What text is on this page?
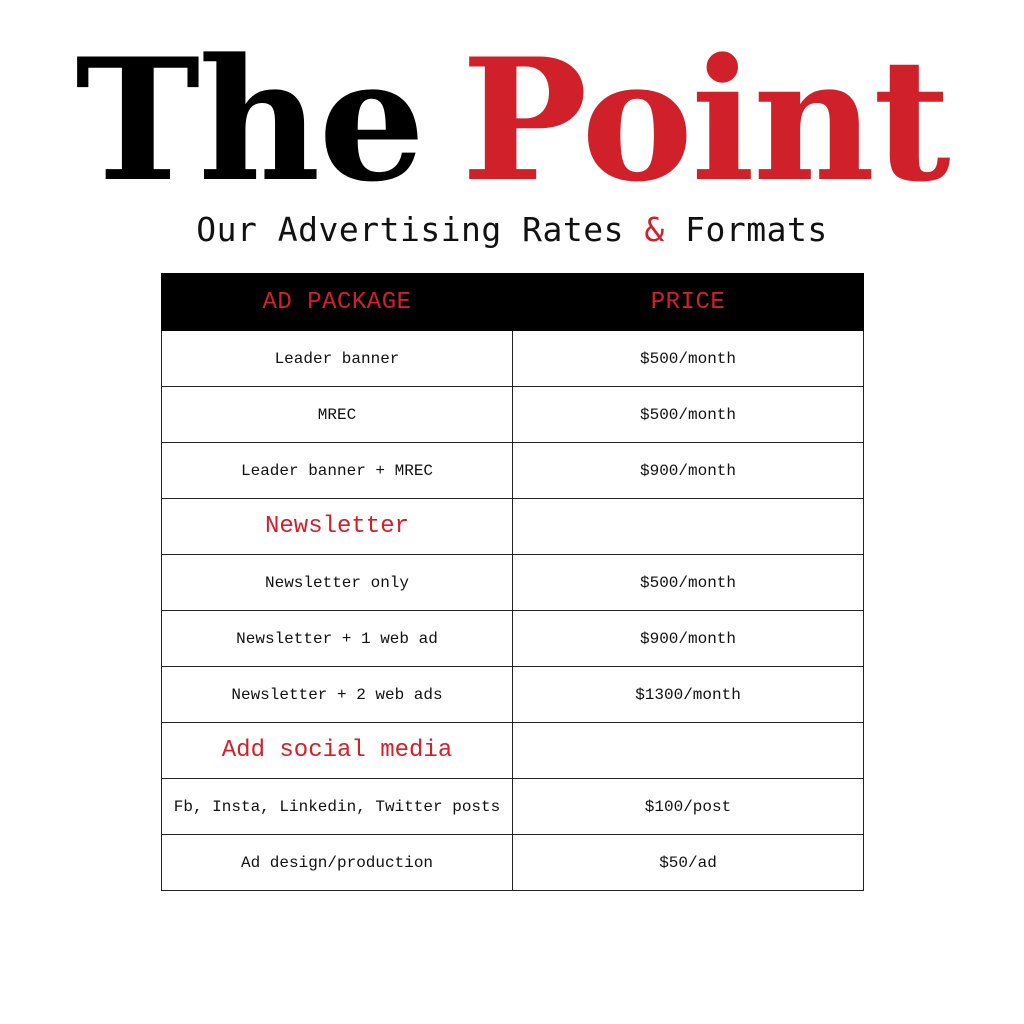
The Point
Our Advertising Rates & Formats
AD PACKAGE	PRICE
Leader banner	$500/month
MREC	$500/month
Leader banner + MREC	$900/month
Newsletter	
Newsletter only	$500/month
Newsletter + 1 web ad	$900/month
Newsletter + 2 web ads	$1300/month
Add social media	
Fb, Insta, Linkedin, Twitter posts	$100/post
Ad design/production	$50/ad
